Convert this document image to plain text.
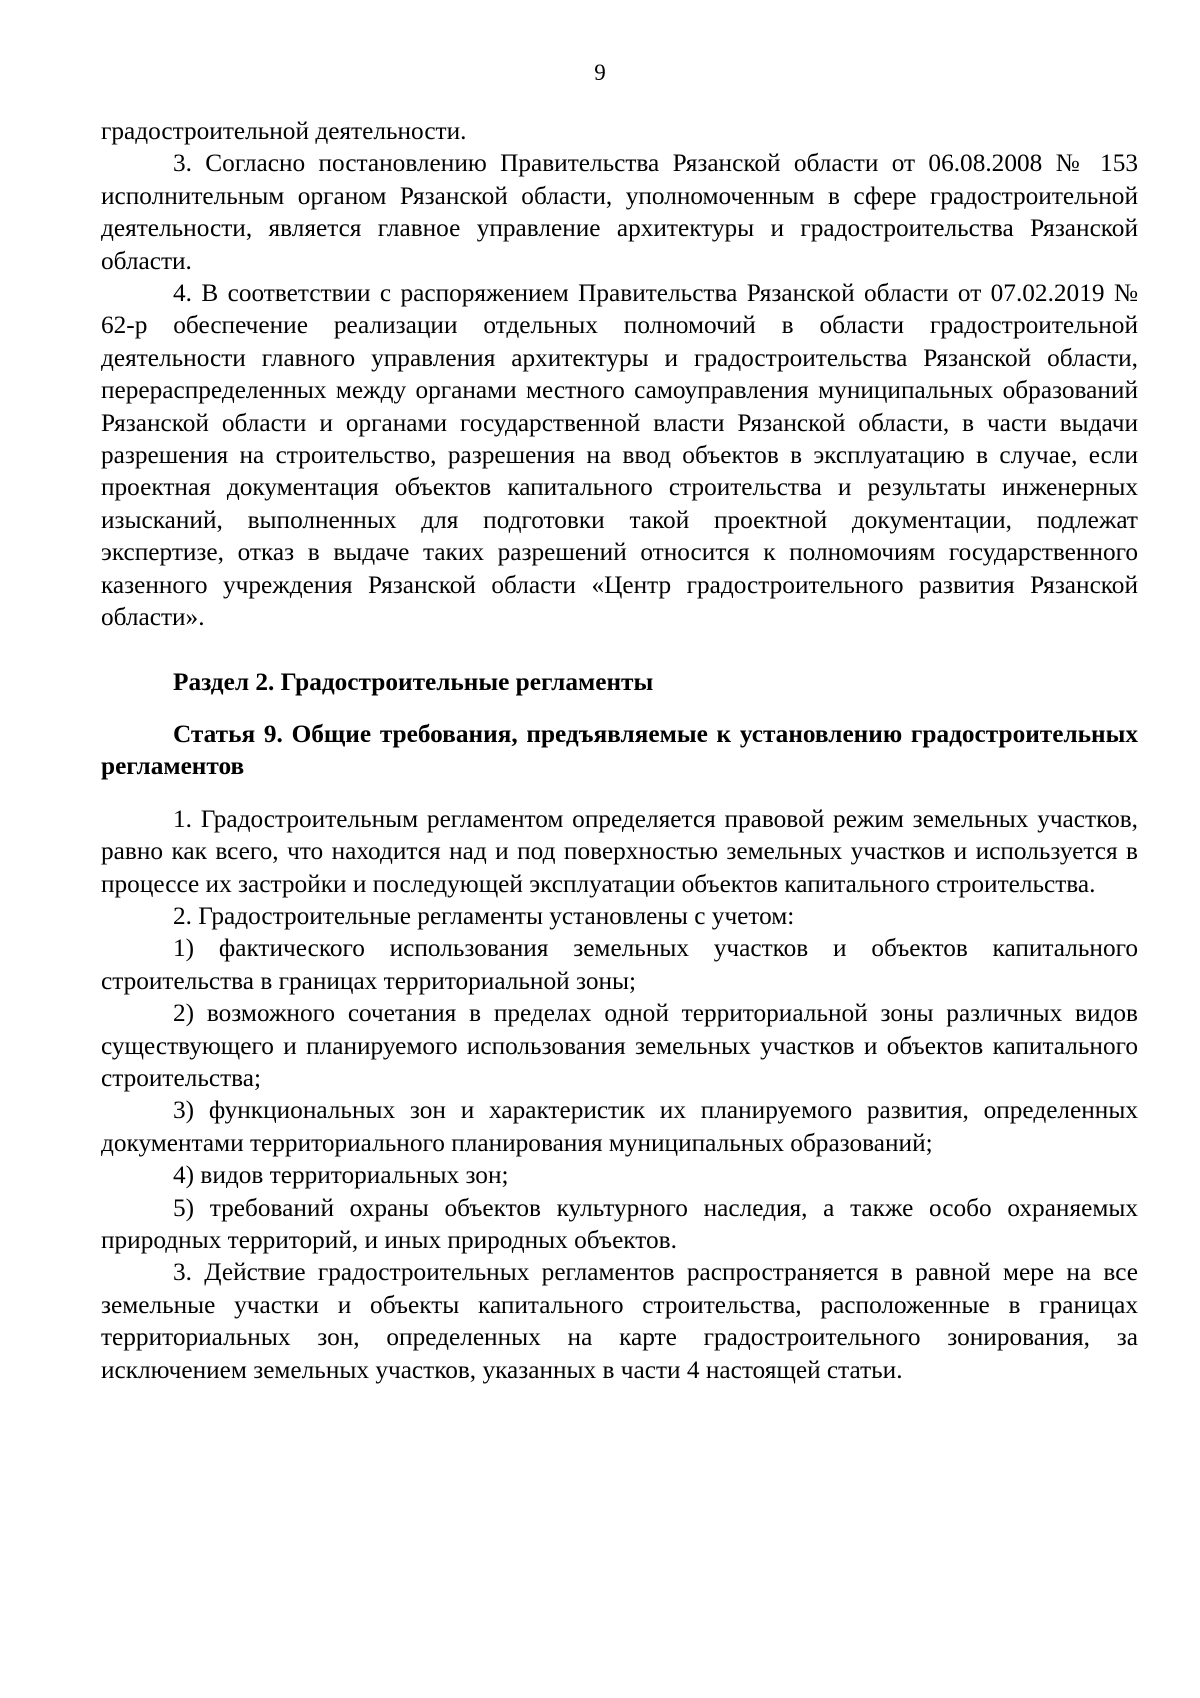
9

градостроительной деятельности.

3. Согласно постановлению Правительства Рязанской области от 06.08.2008 № 153 исполнительным органом Рязанской области, уполномоченным в сфере градостроительной деятельности, является главное управление архитектуры и градостроительства Рязанской области.

4. В соответствии с распоряжением Правительства Рязанской области от 07.02.2019 № 62-р обеспечение реализации отдельных полномочий в области градостроительной деятельности главного управления архитектуры и градостроительства Рязанской области, перераспределенных между органами местного самоуправления муниципальных образований Рязанской области и органами государственной власти Рязанской области, в части выдачи разрешения на строительство, разрешения на ввод объектов в эксплуатацию в случае, если проектная документация объектов капитального строительства и результаты инженерных изысканий, выполненных для подготовки такой проектной документации, подлежат экспертизе, отказ в выдаче таких разрешений относится к полномочиям государственного казенного учреждения Рязанской области «Центр градостроительного развития Рязанской области».

Раздел 2. Градостроительные регламенты

Статья 9. Общие требования, предъявляемые к установлению градостроительных регламентов

1. Градостроительным регламентом определяется правовой режим земельных участков, равно как всего, что находится над и под поверхностью земельных участков и используется в процессе их застройки и последующей эксплуатации объектов капитального строительства.

2. Градостроительные регламенты установлены с учетом:

1) фактического использования земельных участков и объектов капитального строительства в границах территориальной зоны;

2) возможного сочетания в пределах одной территориальной зоны различных видов существующего и планируемого использования земельных участков и объектов капитального строительства;

3) функциональных зон и характеристик их планируемого развития, определенных документами территориального планирования муниципальных образований;

4) видов территориальных зон;

5) требований охраны объектов культурного наследия, а также особо охраняемых природных территорий, и иных природных объектов.

3. Действие градостроительных регламентов распространяется в равной мере на все земельные участки и объекты капитального строительства, расположенные в границах территориальных зон, определенных на карте градостроительного зонирования, за исключением земельных участков, указанных в части 4 настоящей статьи.
